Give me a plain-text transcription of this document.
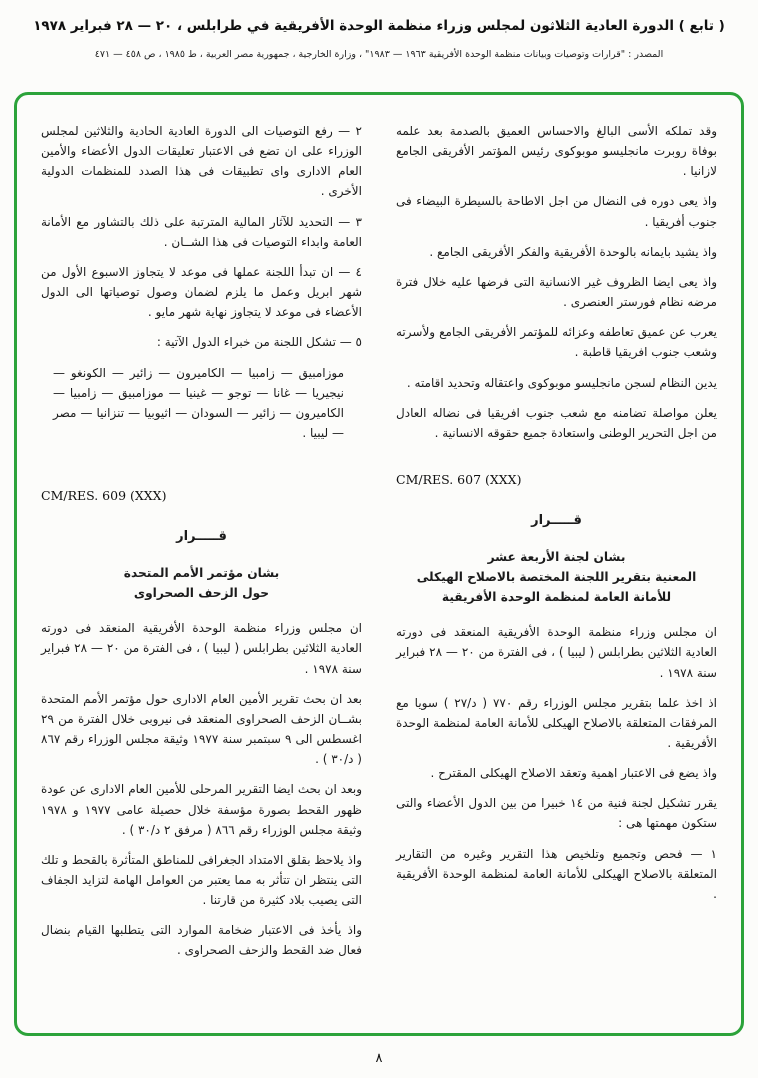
( تابع ) الدورة العادية الثلاثون لمجلس وزراء منظمة الوحدة الأفريقية في طرابلس ، ٢٠ — ٢٨ فبراير ١٩٧٨
المصدر : "قرارات وتوصيات وبيانات منظمة الوحدة الأفريقية ١٩٦٣ — ١٩٨٣" ، وزارة الخارجية ، جمهورية مصر العربية ، ط ١٩٨٥ ، ص ٤٥٨ — ٤٧١

وقد تملكه الأسى البالغ والاحساس العميق بالصدمة بعد علمه بوفاة روبرت مانجليسو موبوكوى رئيس المؤتمر الأفريقى الجامع لازانيا .

واذ يعى دوره فى النضال من اجل الاطاحة بالسيطرة البيضاء فى جنوب أفريقيا .

واذ يشيد بايمانه بالوحدة الأفريقية والفكر الأفريقى الجامع .

واذ يعى ايضا الظروف غير الانسانية التى فرضها عليه خلال فترة مرضه نظام فورستر العنصرى .

يعرب عن عميق تعاطفه وعزائه للمؤتمر الأفريقى الجامع ولأسرته وشعب جنوب افريقيا قاطبة .

يدين النظام لسجن مانجليسو موبوكوى واعتقاله وتحديد اقامته .

يعلن مواصلة تضامنه مع شعب جنوب افريقيا فى نضاله العادل من اجل التحرير الوطنى واستعادة جميع حقوقه الانسانية .

CM/RES. 607 (XXX)
قـــــرار
بشان لجنة الأربعة عشر
المعنية بتقرير اللجنة المختصة بالاصلاح الهيكلى
للأمانة العامة لمنظمة الوحدة الأفريقية

ان مجلس وزراء منظمة الوحدة الأفريقية المنعقد فى دورته العادية الثلاثين بطرابلس ( ليبيا ) ، فى الفترة من ٢٠ — ٢٨ فبراير سنة ١٩٧٨ .

اذ اخذ علما بتقرير مجلس الوزراء رقم ٧٧٠ ( د/٢٧ ) سويا مع المرفقات المتعلقة بالاصلاح الهيكلى للأمانة العامة لمنظمة الوحدة الأفريقية .

واذ يضع فى الاعتبار اهمية وتعقد الاصلاح الهيكلى المقترح .

يقرر تشكيل لجنة فنية من ١٤ خبيرا من بين الدول الأعضاء والتى ستكون مهمتها هى :

١ — فحص وتجميع وتلخيص هذا التقرير وغيره من التقارير المتعلقة بالاصلاح الهيكلى للأمانة العامة لمنظمة الوحدة الأفريقية .

٢ — رفع التوصيات الى الدورة العادية الحادية والثلاثين لمجلس الوزراء على ان تضع فى الاعتبار تعليقات الدول الأعضاء والأمين العام الادارى واى تطبيقات فى هذا الصدد للمنظمات الدولية الأخرى .

٣ — التحديد للآثار المالية المترتبة على ذلك بالتشاور مع الأمانة العامة وابداء التوصيات فى هذا الشــان .

٤ — ان تبدأ اللجنة عملها فى موعد لا يتجاوز الاسبوع الأول من شهر ابريل وعمل ما يلزم لضمان وصول توصياتها الى الدول الأعضاء فى موعد لا يتجاوز نهاية شهر مايو .

٥ — تشكل اللجنة من خبراء الدول الآتية :

موزامبيق — زامبيا — الكاميرون — زائير — الكونغو — نيجيريا — غانا — توجو — غينيا — موزامبيق — زامبيا — الكاميرون — زائير — السودان — اثيوبيا — تنزانيا — مصر — ليبيا .
CM/RES. 609 (XXX)
قـــــرار
بشان مؤتمر الأمم المتحدة
حول الزحف الصحراوى

ان مجلس وزراء منظمة الوحدة الأفريقية المنعقد فى دورته العادية الثلاثين بطرابلس ( ليبيا ) ، فى الفترة من ٢٠ — ٢٨ فبراير سنة ١٩٧٨ .

بعد ان بحث تقرير الأمين العام الادارى حول مؤتمر الأمم المتحدة بشــان الزحف الصحراوى المنعقد فى نيروبى خلال الفترة من ٢٩ اغسطس الى ٩ سبتمبر سنة ١٩٧٧ وثيقة مجلس الوزراء رقم ٨٦٧ ( د/٣٠ ) .

وبعد ان بحث ايضا التقرير المرحلى للأمين العام الادارى عن عودة ظهور القحط بصورة مؤسفة خلال حصيلة عامى ١٩٧٧ و ١٩٧٨ وثيقة مجلس الوزراء رقم ٨٦٦ ( مرفق ٢ د/٣٠ ) .

واذ يلاحظ بقلق الامتداد الجغرافى للمناطق المتأثرة بالقحط و تلك التى ينتظر ان تتأثر به مما يعتبر من العوامل الهامة لتزايد الجفاف التى يصيب بلاد كثيرة من قارتنا .

واذ يأخذ فى الاعتبار ضخامة الموارد التى يتطلبها القيام بنضال فعال ضد القحط والزحف الصحراوى .

٨
